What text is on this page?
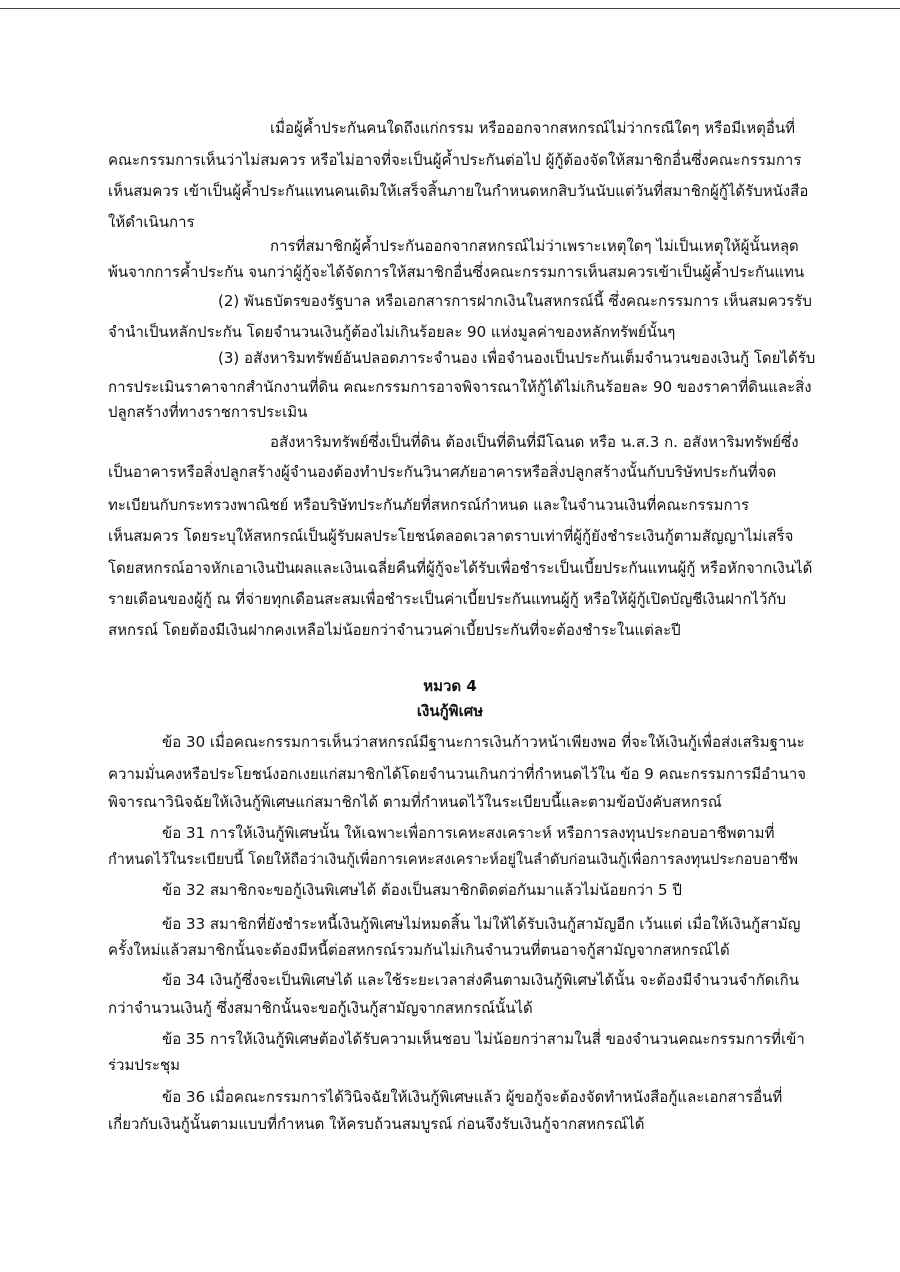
เมื่อผู้ค้ำประกันคนใดถึงแก่กรรม หรือออกจากสหกรณ์ไม่ว่ากรณีใดๆ หรือมีเหตุอื่นที่
คณะกรรมการเห็นว่าไม่สมควร หรือไม่อาจที่จะเป็นผู้ค้ำประกันต่อไป ผู้กู้ต้องจัดให้สมาชิกอื่นซึ่งคณะกรรมการ
เห็นสมควร เข้าเป็นผู้ค้ำประกันแทนคนเดิมให้เสร็จสิ้นภายในกำหนดหกสิบวันนับแต่วันที่สมาชิกผู้กู้ได้รับหนังสือ
ให้ดำเนินการ
การที่สมาชิกผู้ค้ำประกันออกจากสหกรณ์ไม่ว่าเพราะเหตุใดๆ ไม่เป็นเหตุให้ผู้นั้นหลุด
พ้นจากการค้ำประกัน จนกว่าผู้กู้จะได้จัดการให้สมาชิกอื่นซึ่งคณะกรรมการเห็นสมควรเข้าเป็นผู้ค้ำประกันแทน
(2) พันธบัตรของรัฐบาล หรือเอกสารการฝากเงินในสหกรณ์นี้ ซึ่งคณะกรรมการ เห็นสมควรรับ
จำนำเป็นหลักประกัน โดยจำนวนเงินกู้ต้องไม่เกินร้อยละ 90 แห่งมูลค่าของหลักทรัพย์นั้นๆ
(3) อสังหาริมทรัพย์อันปลอดภาระจำนอง เพื่อจำนองเป็นประกันเต็มจำนวนของเงินกู้ โดยได้รับ
การประเมินราคาจากสำนักงานที่ดิน คณะกรรมการอาจพิจารณาให้กู้ได้ไม่เกินร้อยละ 90 ของราคาที่ดินและสิ่ง
ปลูกสร้างที่ทางราชการประเมิน
อสังหาริมทรัพย์ซึ่งเป็นที่ดิน ต้องเป็นที่ดินที่มีโฉนด หรือ น.ส.3 ก. อสังหาริมทรัพย์ซึ่ง
เป็นอาคารหรือสิ่งปลูกสร้างผู้จำนองต้องทำประกันวินาศภัยอาคารหรือสิ่งปลูกสร้างนั้นกับบริษัทประกันที่จด
ทะเบียนกับกระทรวงพาณิชย์ หรือบริษัทประกันภัยที่สหกรณ์กำหนด และในจำนวนเงินที่คณะกรรมการ
เห็นสมควร โดยระบุให้สหกรณ์เป็นผู้รับผลประโยชน์ตลอดเวลาตราบเท่าที่ผู้กู้ยังชำระเงินกู้ตามสัญญาไม่เสร็จ
โดยสหกรณ์อาจหักเอาเงินปันผลและเงินเฉลี่ยคืนที่ผู้กู้จะได้รับเพื่อชำระเป็นเบี้ยประกันแทนผู้กู้ หรือหักจากเงินได้
รายเดือนของผู้กู้ ณ ที่จ่ายทุกเดือนสะสมเพื่อชำระเป็นค่าเบี้ยประกันแทนผู้กู้ หรือให้ผู้กู้เปิดบัญชีเงินฝากไว้กับ
สหกรณ์ โดยต้องมีเงินฝากคงเหลือไม่น้อยกว่าจำนวนค่าเบี้ยประกันที่จะต้องชำระในแต่ละปี
หมวด 4
เงินกู้พิเศษ
ข้อ 30 เมื่อคณะกรรมการเห็นว่าสหกรณ์มีฐานะการเงินก้าวหน้าเพียงพอ ที่จะให้เงินกู้เพื่อส่งเสริมฐานะ
ความมั่นคงหรือประโยชน์งอกเงยแก่สมาชิกได้โดยจำนวนเกินกว่าที่กำหนดไว้ใน ข้อ 9 คณะกรรมการมีอำนาจ
พิจารณาวินิจฉัยให้เงินกู้พิเศษแก่สมาชิกได้ ตามที่กำหนดไว้ในระเบียบนี้และตามข้อบังคับสหกรณ์
ข้อ 31 การให้เงินกู้พิเศษนั้น ให้เฉพาะเพื่อการเคหะสงเคราะห์ หรือการลงทุนประกอบอาชีพตามที่
กำหนดไว้ในระเบียบนี้ โดยให้ถือว่าเงินกู้เพื่อการเคหะสงเคราะห์อยู่ในลำดับก่อนเงินกู้เพื่อการลงทุนประกอบอาชีพ
ข้อ 32 สมาชิกจะขอกู้เงินพิเศษได้ ต้องเป็นสมาชิกติดต่อกันมาแล้วไม่น้อยกว่า 5 ปี
ข้อ 33 สมาชิกที่ยังชำระหนี้เงินกู้พิเศษไม่หมดสิ้น ไม่ให้ได้รับเงินกู้สามัญอีก เว้นแต่ เมื่อให้เงินกู้สามัญ
ครั้งใหม่แล้วสมาชิกนั้นจะต้องมีหนี้ต่อสหกรณ์รวมกันไม่เกินจำนวนที่ตนอาจกู้สามัญจากสหกรณ์ได้
ข้อ 34 เงินกู้ซึ่งจะเป็นพิเศษได้ และใช้ระยะเวลาส่งคืนตามเงินกู้พิเศษได้นั้น จะต้องมีจำนวนจำกัดเกิน
กว่าจำนวนเงินกู้ ซึ่งสมาชิกนั้นจะขอกู้เงินกู้สามัญจากสหกรณ์นั้นได้
ข้อ 35 การให้เงินกู้พิเศษต้องได้รับความเห็นชอบ ไม่น้อยกว่าสามในสี่ ของจำนวนคณะกรรมการที่เข้า
ร่วมประชุม
ข้อ 36 เมื่อคณะกรรมการได้วินิจฉัยให้เงินกู้พิเศษแล้ว ผู้ขอกู้จะต้องจัดทำหนังสือกู้และเอกสารอื่นที่
เกี่ยวกับเงินกู้นั้นตามแบบที่กำหนด ให้ครบถ้วนสมบูรณ์ ก่อนจึงรับเงินกู้จากสหกรณ์ได้
